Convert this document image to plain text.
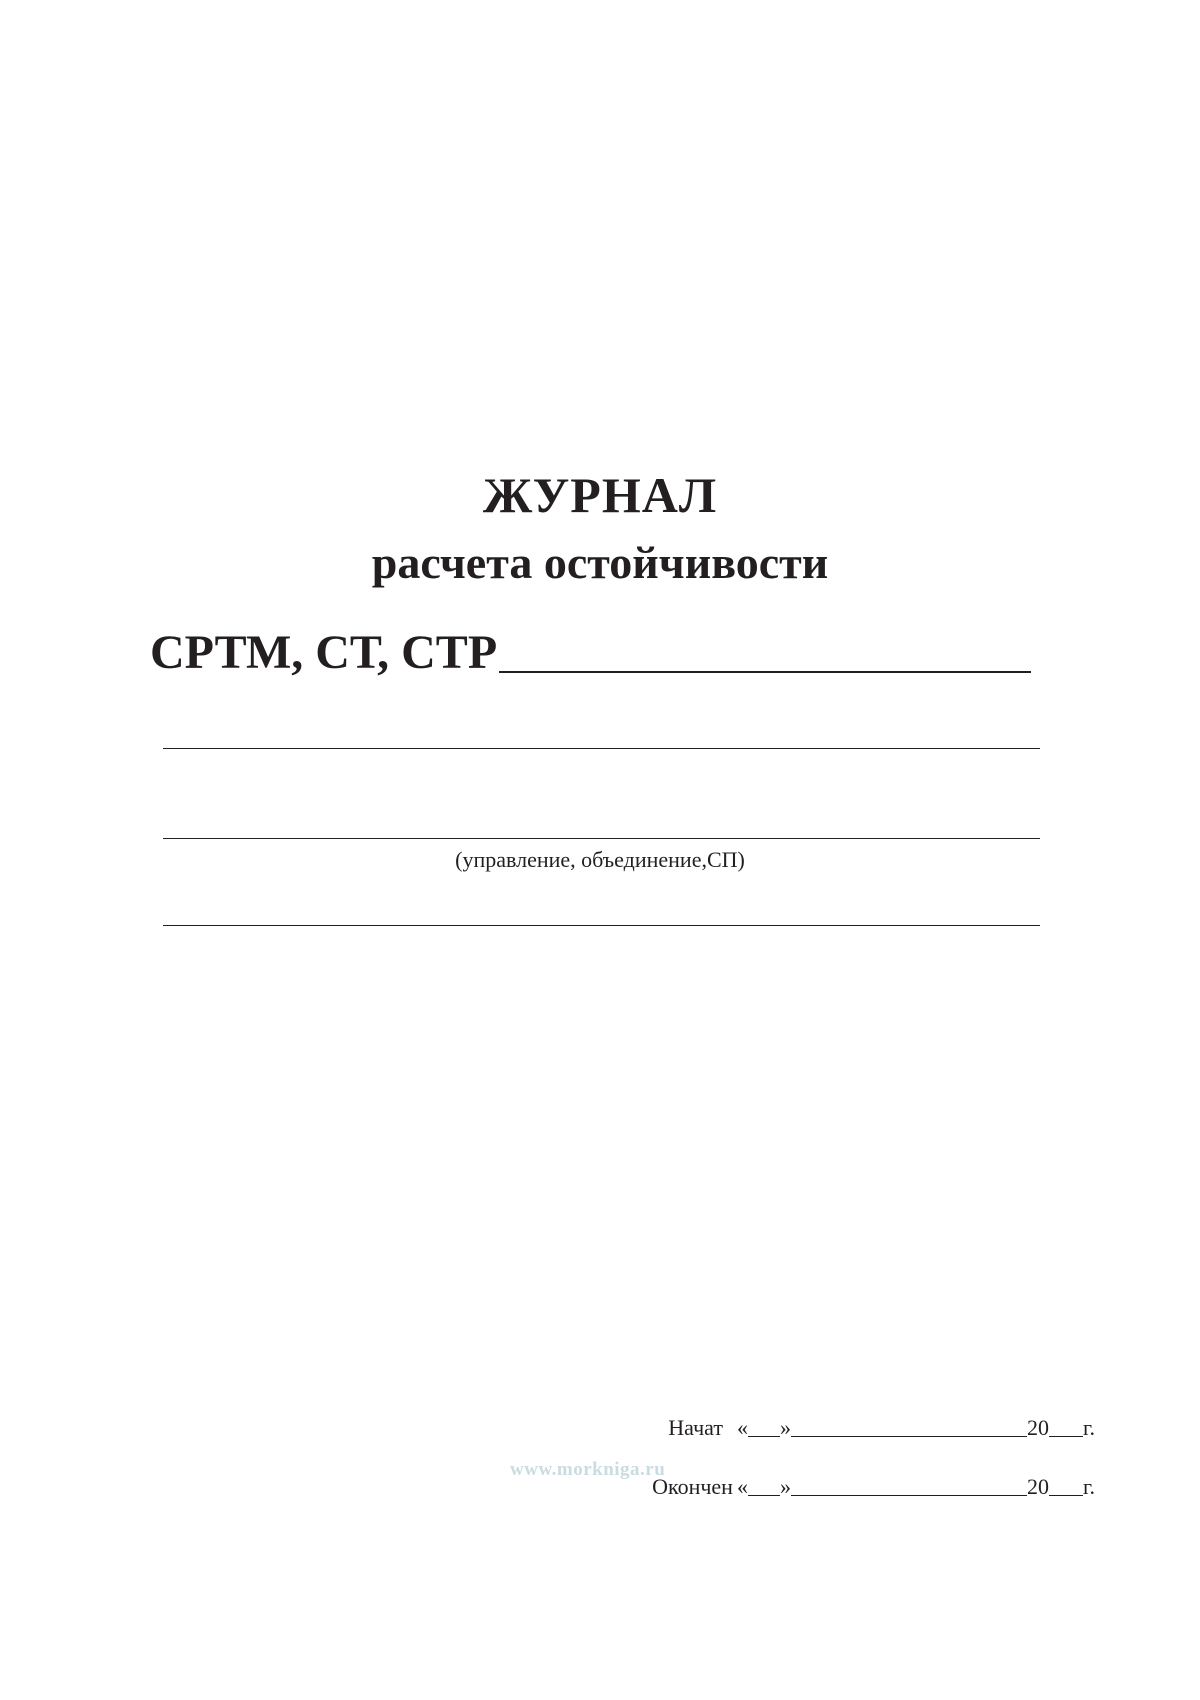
ЖУРНАЛ
расчета остойчивости
СРТМ, СТ, СТР
(управление, объединение,СП)
Начат « »	20 г.
www.morkniga.ru
Окончен « »	20 г.
